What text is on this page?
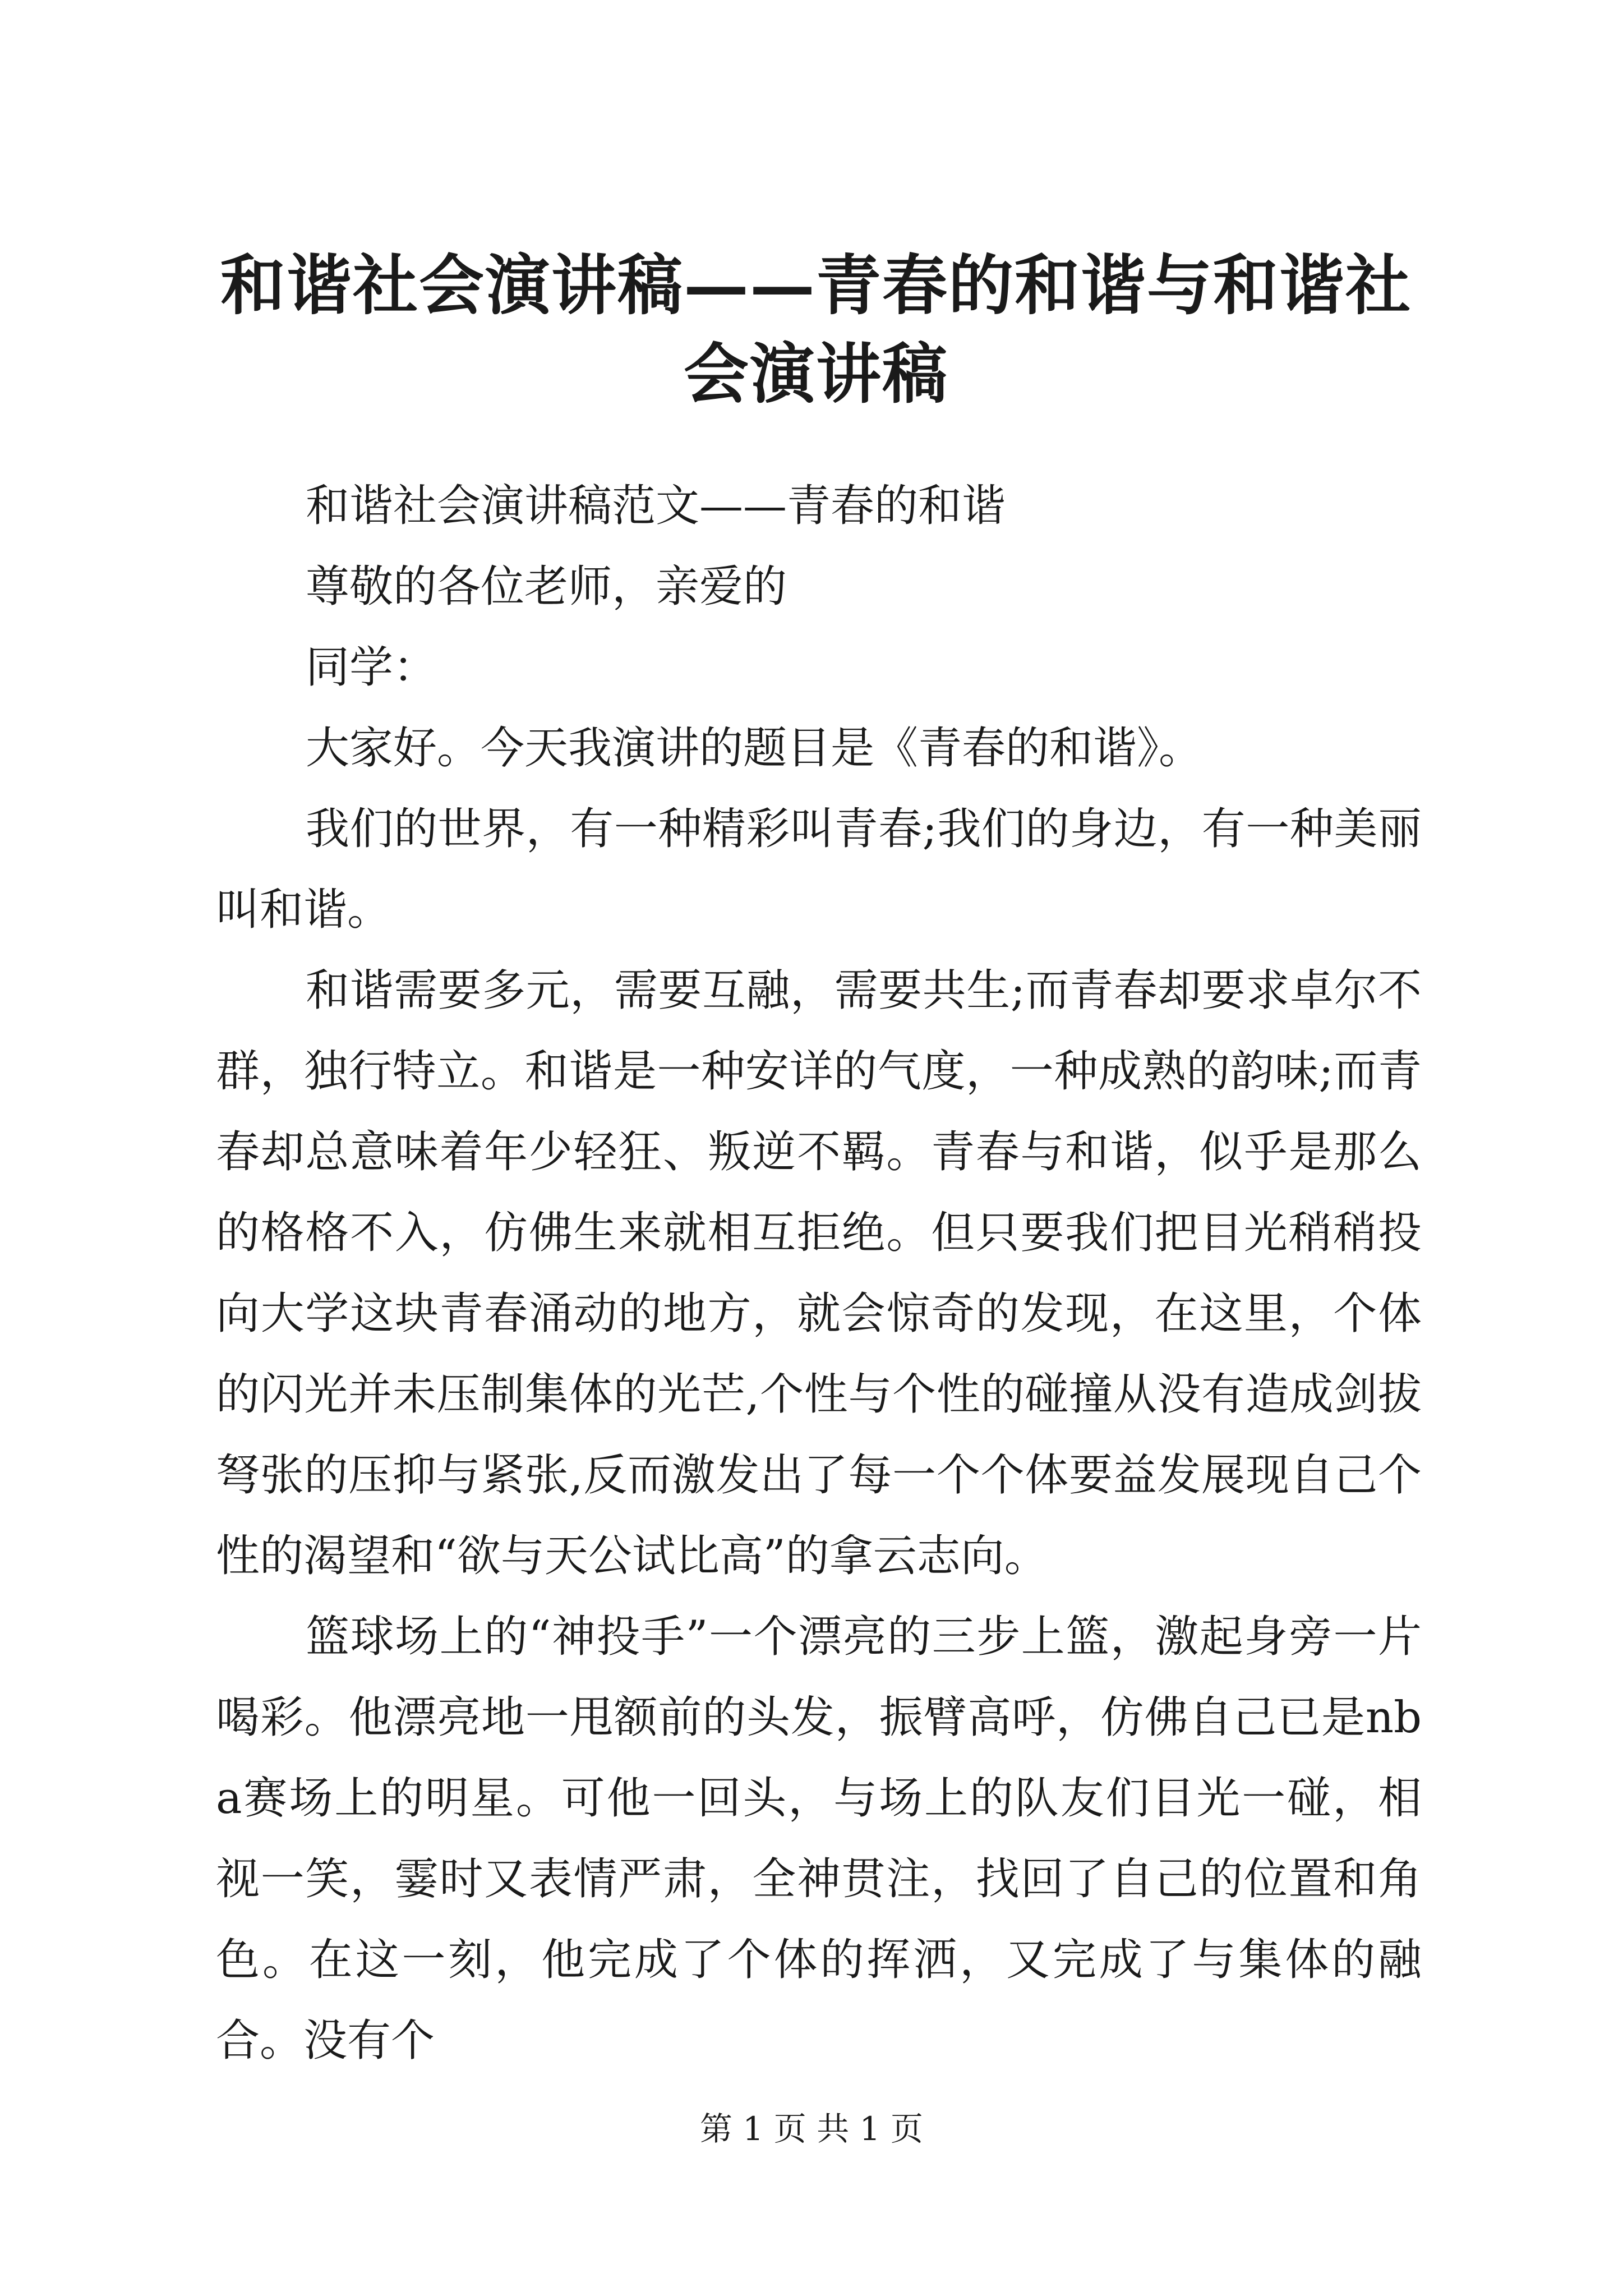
和谐社会演讲稿——青春的和谐与和谐社会演讲稿

和谐社会演讲稿范文——青春的和谐

尊敬的各位老师，亲爱的

同学：

大家好。今天我演讲的题目是《青春的和谐》。

我们的世界，有一种精彩叫青春;我们的身边，有一种美丽叫和谐。

和谐需要多元，需要互融，需要共生;而青春却要求卓尔不群，独行特立。和谐是一种安详的气度，一种成熟的韵味;而青春却总意味着年少轻狂、叛逆不羁。青春与和谐，似乎是那么的格格不入，仿佛生来就相互拒绝。但只要我们把目光稍稍投向大学这块青春涌动的地方，就会惊奇的发现，在这里，个体的闪光并未压制集体的光芒,个性与个性的碰撞从没有造成剑拔弩张的压抑与紧张,反而激发出了每一个个体要益发展现自己个性的渴望和“欲与天公试比高”的拿云志向。

篮球场上的“神投手”一个漂亮的三步上篮，激起身旁一片喝彩。他漂亮地一甩额前的头发，振臂高呼，仿佛自己已是nba赛场上的明星。可他一回头，与场上的队友们目光一碰，相视一笑，霎时又表情严肃，全神贯注，找回了自己的位置和角色。在这一刻，他完成了个体的挥洒，又完成了与集体的融合。没有个

第 1 页 共 1 页
